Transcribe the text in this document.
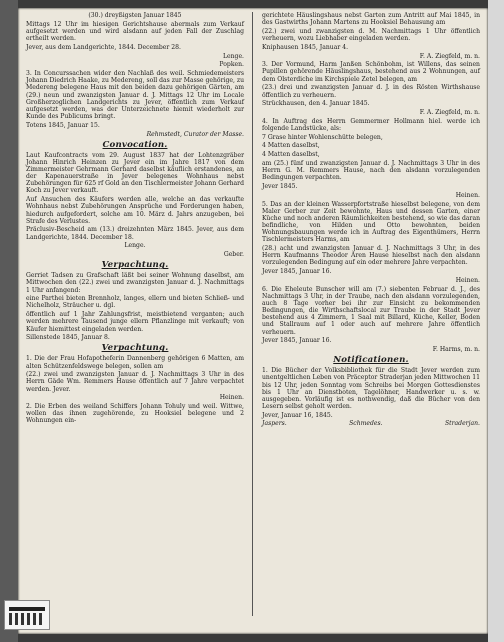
(30.) dreyßigsten Januar 1845

Mittags 12 Uhr im hiesigen Gerichtshause abermals zum Verkauf aufgesetzt werden und wird alsdann auf jeden Fall der Zuschlag ertheilt werden.

Jever, aus dem Landgerichte, 1844. December 28.

Lenge.

Popken.

3. In Concurssachen wider den Nachlaß des weil. Schmiedemeisters Johann Diedrich Haake, zu Medereng, soll das zur Masse gehörige, zu Medereng belegene Haus mit den beiden dazu gehörigen Gärten, am (29.) neun und zwanzigsten Januar d. J. Mittags 12 Uhr im Locale Großherzoglichen Landgerichts zu Jever, öffentlich zum Verkauf aufgesetzt werden, was der Unterzeichnete hiemit wiederholt zur Kunde des Publicums bringt.

Totens 1845, Januar 15.

Rehmstedt, Curator der Masse.

Convocation.

Laut Kaufcontracts vom 29. August 1837 hat der Lohtenzgräber Johann Hinrich Heinzen zu Jever ein im Jahre 1817 von dem Zimmermeister Gehrmann Gerhard daselbst käuflich erstandenes, an der Kapenauerstraße in Jever belegenes Wohnhaus nebst Zubehörungen für 625 rf Gold an den Tischlermeister Johann Gerhard Koch zu Jever verkauft.

Auf Ansuchen des Käufers werden alle, welche an das verkaufte Wohnhaus nebst Zubehörungen Ansprüche und Forderungen haben, hiedurch aufgefordert, solche am 10. März d. Jahrs anzugeben, bei Strafe des Verlustes.

Präclusiv-Bescheid am (13.) dreizehnten März 1845. Jever, aus dem Landgerichte, 1844. December 18.

Lenge.

Geber.

Verpachtung.

Gerriet Tadsen zu Grafschaft läßt bei seiner Wohnung daselbst, am Mittwochen den (22.) zwei und zwanzigsten Januar d. J. Nachmittags 1 Uhr anfangend:

eine Parthei bieten Brennholz, langes, ellern und bieten Schließ- und Nichelholz, Sträucher u. dgl.

öffentlich auf 1 Jahr Zahlungsfrist, meistbietend verganten; auch werden mehrere Tausend junge ellern Pflanzlinge mit verkauft; von Käufer hiemittest eingeladen werden.

Sillenstede 1845, Januar 8.

Verpachtung.

1. Die der Frau Hofapotheferin Dannenberg gehörigen 6 Matten, am alten Schützenfeldswege belegen, sollen am

(22.) zwei und zwanzigsten Januar d. J. Nachmittags 3 Uhr in des Herrn Gäde Wm. Remmers Hause öffentlich auf 7 Jahre verpachtet werden. Jever.

Heinen.

2. Die Erben des weiland Schiffers Johann Tohuly und weil. Wittwe, wollen das ihnen zugehörende, zu Hooksiel belegene und 2 Wohnungen ein-

gerichtete Häuslingshaus nebst Garten zum Antritt auf Mai 1845, in des Gastwirths Johann Martens zu Hooksiel Behausung am

(22.) zwei und zwanzigsten d. M. Nachmittags 1 Uhr öffentlich verheuern, wozu Liebhaber eingeladen werden.

Kniphausen 1845, Januar 4.

F. A. Ziegfeld, m. n.

3. Der Vormund, Harm Janßen Schönbohm, ist Willens, das seinen Pupillen gehörende Häuslingshaus, bestehend aus 2 Wohnungen, auf dem Olsterdiche im Kirchspiele Zetel belegen, am

(23.) drei und zwanzigsten Januar d. J. in des Rösten Wirthshause öffentlich zu verheuern.

Strückhausen, den 4. Januar 1845.

F. A. Ziegfeld, m. n.

4. In Auftrag des Herrn Gemmermer Hollmann hiel. werde ich folgende Landstücke, als:

7 Grase hinter Wohlenschütte belegen,

4 Matten daselbst,

4 Matten daselbst,

am (25.) fünf und zwanzigsten Januar d. J. Nachmittags 3 Uhr in des Herrn G. M. Remmers Hause, nach den alsdann vorzulegenden Bedingungen verpachten.

Jever 1845.

Heinen.

5. Das an der kleinen Wasserpfortstraße hieselbst belegene, von dem Maler Gerber zur Zeit bewohnte, Haus und dessen Garten, einer Küche und noch anderen Räumlichkeiten bestehend, so wie das daran befindliche, von Hilden und Otto bewohnten, beiden Wohnungsbauungen werde ich in Auftrag des Eigenthümers, Herrn Tischlermeisters Harms, am

(28.) acht und zwanzigsten Januar d. J. Nachmittags 3 Uhr, in des Herrn Kaufmanns Theodor Aren Hause hieselbst nach den alsdann vorzulegenden Bedingung auf ein oder mehrere Jahre verpachten.

Jever 1845, Januar 16.

Heinen.

6. Die Eheleute Bunscher will am (7.) siebenten Februar d. J., des Nachmittags 3 Uhr, in der Traube, nach den alsdann vorzulegenden, auch 8 Tage vorher bei ihr zur Einsicht zu bekommenden Bedingungen, die Wirthschaftslocal zur Traube in der Stadt Jever bestehend aus 4 Zimmern, 1 Saal mit Billard, Küche, Keller, Boden und Stallraum auf 1 oder auch auf mehrere Jahre öffentlich verheuern.

Jever 1845, Januar 16.

F. Harms, m. n.

Notificationen.

1. Die Bücher der Volksbibliothek für die Stadt Jever werden zum unentgeltlichen Leben von Präceptor Straderjan jeden Mittwochen 11 bis 12 Uhr, jeden Sonntag vom Schreibs bei Morgen Gottesdienstes bis 1 Uhr an Dienstboten, Tagelöhner, Handwerker u. s. w. ausgegeben. Vorläufig ist es nothwendig, daß die Bücher von den Lesern selbst geholt werden.

Jever, Januar 16, 1845.

Jaspers.	Schmedes.	Straderjan.
